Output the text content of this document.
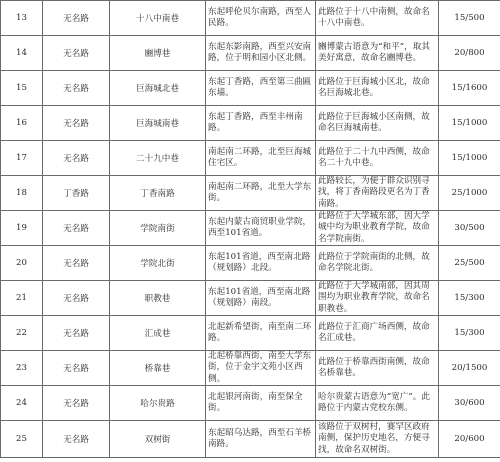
13	无名路	十八中南巷	东起呼伦贝尔南路，西至人民路。	此路位于十八中南侧，故命名十八中南巷。	15/500
14	无名路	豳博巷	东起东影南路，西至兴安南路，位于明和园小区北侧。	豳博蒙古语意为“和平”，取其美好寓意，故命名豳博巷。	20/800
15	无名路	巨海城北巷	东起丁香路，西至第三曲匾东墙。	此路位于巨海城小区北，故命名巨海城北巷。	15/1600
16	无名路	巨海城南巷	东起丁香路，西至丰州南路。	此路位于巨海城小区南侧，故命名巨海城南巷。	15/1000
17	无名路	二十九中巷	南起南二环路，北至巨海城住宅区。	此路位于二十九中西侧，故命名二十九中巷。	15/1000
18	丁香路	丁香南路	南起南二环路，北至大学东街。	此路较长，为便于群众识别寻找，将丁香南路段更名为丁香南路。	25/1000
19	无名路	学院南街	东起内蒙古商贸职业学院，西至101省道。	此路位于大学城东部，因大学城中均为职业教育学院，故命名学院南街。	30/500
20	无名路	学院北街	东起101省道，西至南北路（规划路）北段。	此路位于学院南街的北侧，故命名学院北街。	25/500
21	无名路	职教巷	东起101省道，西至南北路（规划路）南段。	此路位于大学城南部，因其周围均为职业教育学院，故命名职教巷。	15/300
22	无名路	汇成巷	北起新希望街，南至南二环路。	此路位于汇商广场西侧，故命名汇成巷。	15/300
23	无名路	桥靠巷	北起桥靠西街，南至大学东街，位于金宇文苑小区西侧。	此路位于桥靠西街南侧，故命名桥靠巷。	20/1500
24	无名路	哈尔贵路	北起银河南街，南至保全街。	哈尔贵蒙古语意为“宽广”。此路位于内蒙古党校东侧。	30/600
25	无名路	双树街	东起昭乌达路，西至石羊桥南路。	该路位于双树村，赛罕区政府南侧，保护历史地名，方便寻找，故命名双树街。	20/600
